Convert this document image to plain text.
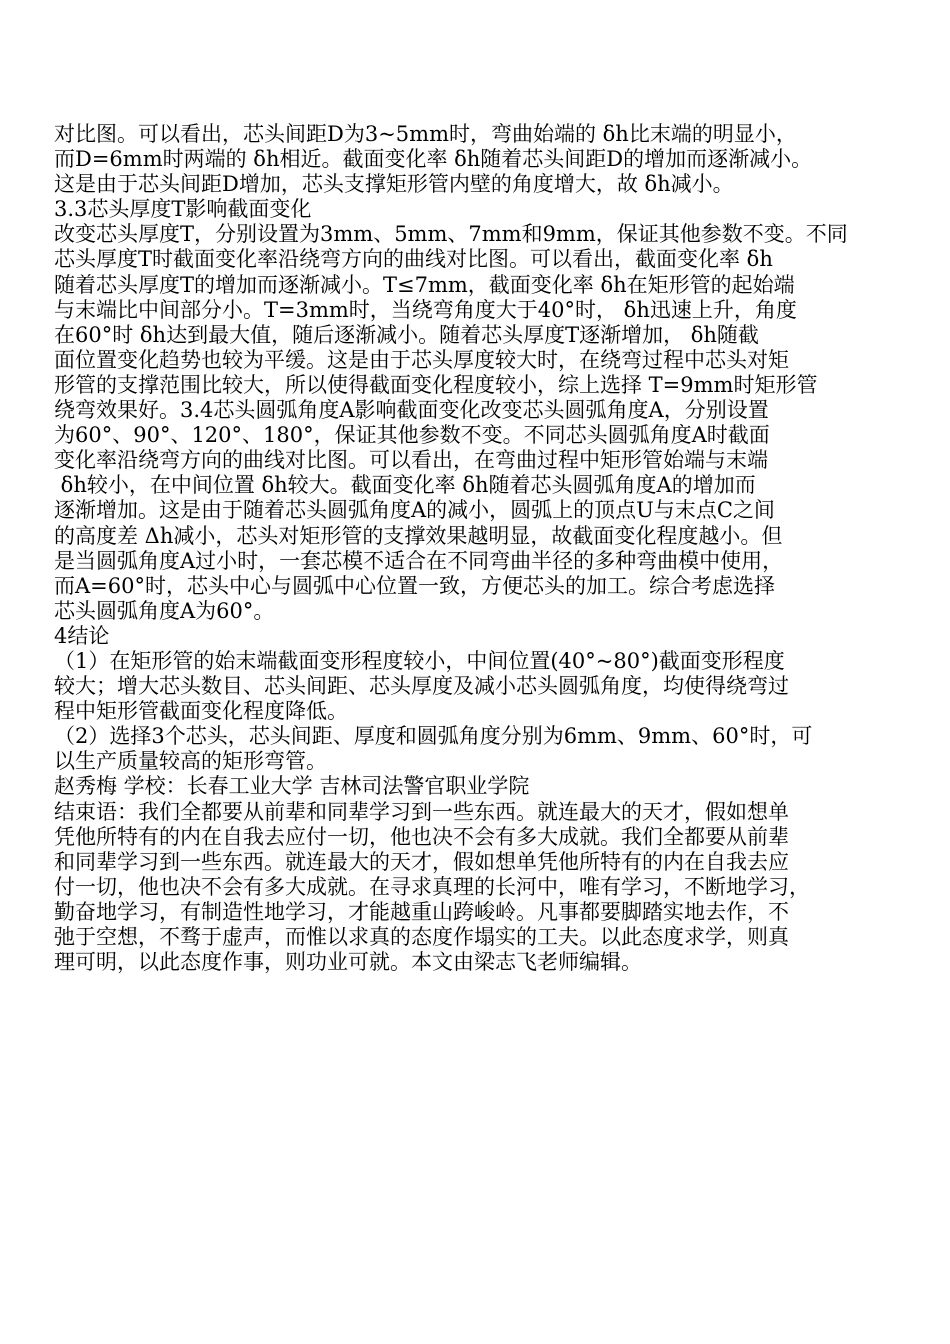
对比图。可以看出，芯头间距D为3~5mm时，弯曲始端的 δh比末端的明显小，
而D=6mm时两端的 δh相近。截面变化率 δh随着芯头间距D的增加而逐渐减小。
这是由于芯头间距D增加，芯头支撑矩形管内壁的角度增大，故 δh减小。
3.3芯头厚度T影响截面变化
改变芯头厚度T，分别设置为3mm、5mm、7mm和9mm，保证其他参数不变。不同
芯头厚度T时截面变化率沿绕弯方向的曲线对比图。可以看出，截面变化率 δh
随着芯头厚度T的增加而逐渐减小。T≤7mm，截面变化率 δh在矩形管的起始端
与末端比中间部分小。T=3mm时，当绕弯角度大于40°时， δh迅速上升，角度
在60°时 δh达到最大值，随后逐渐减小。随着芯头厚度T逐渐增加， δh随截
面位置变化趋势也较为平缓。这是由于芯头厚度较大时，在绕弯过程中芯头对矩
形管的支撑范围比较大，所以使得截面变化程度较小，综上选择 T=9mm时矩形管
绕弯效果好。3.4芯头圆弧角度A影响截面变化改变芯头圆弧角度A，分别设置
为60°、90°、120°、180°，保证其他参数不变。不同芯头圆弧角度A时截面
变化率沿绕弯方向的曲线对比图。可以看出，在弯曲过程中矩形管始端与末端
δh较小，在中间位置 δh较大。截面变化率 δh随着芯头圆弧角度A的增加而
逐渐增加。这是由于随着芯头圆弧角度A的减小，圆弧上的顶点U与末点C之间
的高度差 Δh减小，芯头对矩形管的支撑效果越明显，故截面变化程度越小。但
是当圆弧角度A过小时，一套芯模不适合在不同弯曲半径的多种弯曲模中使用，
而A=60°时，芯头中心与圆弧中心位置一致，方便芯头的加工。综合考虑选择
芯头圆弧角度A为60°。
4结论
（1）在矩形管的始末端截面变形程度较小，中间位置(40°~80°)截面变形程度
较大；增大芯头数目、芯头间距、芯头厚度及减小芯头圆弧角度，均使得绕弯过
程中矩形管截面变化程度降低。
（2）选择3个芯头，芯头间距、厚度和圆弧角度分别为6mm、9mm、60°时，可
以生产质量较高的矩形弯管。
赵秀梅 学校：长春工业大学 吉林司法警官职业学院
结束语：我们全都要从前辈和同辈学习到一些东西。就连最大的天才，假如想单
凭他所特有的内在自我去应付一切，他也决不会有多大成就。我们全都要从前辈
和同辈学习到一些东西。就连最大的天才，假如想单凭他所特有的内在自我去应
付一切，他也决不会有多大成就。在寻求真理的长河中，唯有学习，不断地学习，
勤奋地学习，有制造性地学习，才能越重山跨峻岭。凡事都要脚踏实地去作，不
弛于空想，不骛于虚声，而惟以求真的态度作塌实的工夫。以此态度求学，则真
理可明，以此态度作事，则功业可就。本文由梁志飞老师编辑。
